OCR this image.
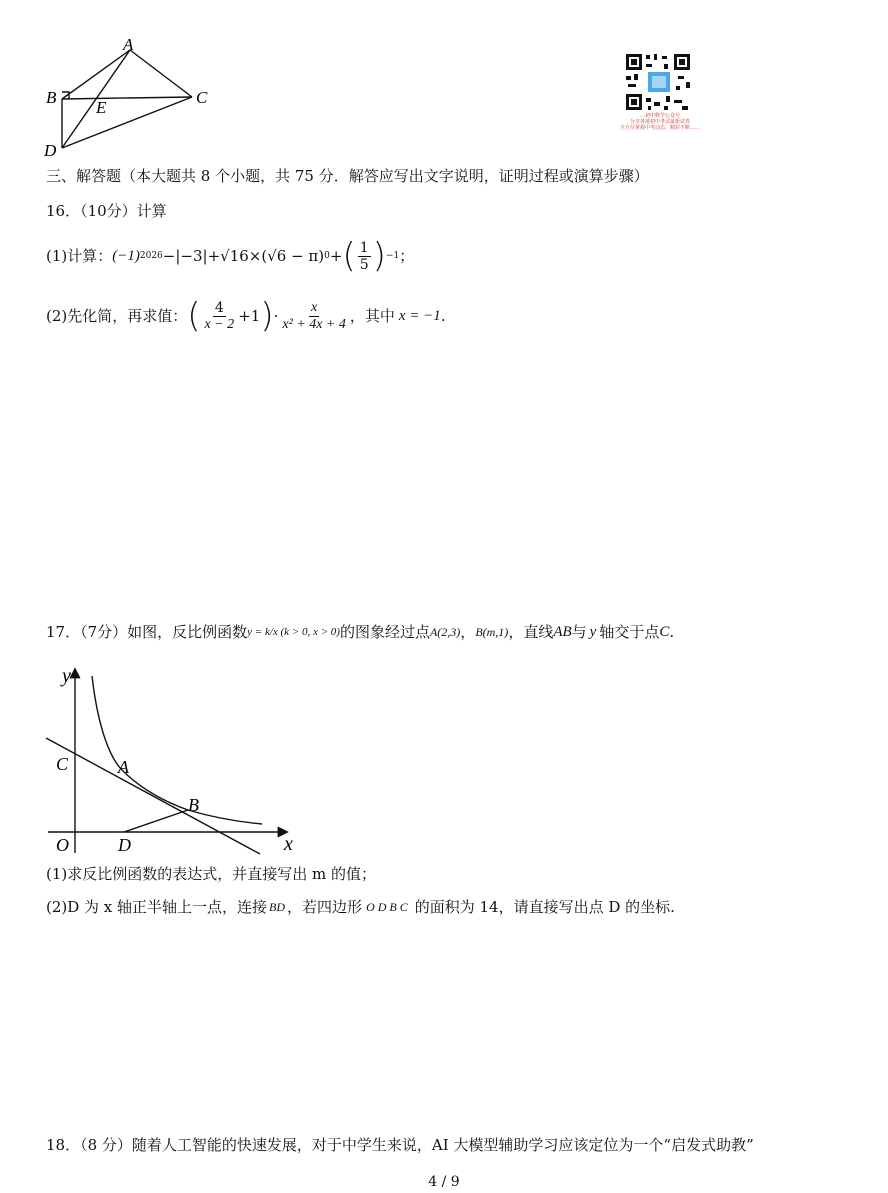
A
B	C
D
E	…初中数学公众号
分享各地初中考试最新试卷
全方位掌握中考动态，精彩不断……
三、解答题（本大题共 8 个小题，共 75 分．解答应写出文字说明，证明过程或演算步骤）
16．（10分）计算
(1)计算： (−1) 2026 −|−3|+ √16 ×(√6 − π) 0 + ( $\frac{1}{5}$ ) −1 ；
(2)先化简，再求值： ( $\frac{4}{x - 2} +1$ ) · $\frac{x}{\text{x² + 4x + 4}}$ ，其中 x = −1 .
17．（7分）如图，反比例函数 y = k/x (k > 0, x > 0) 的图象经过点 A(2,3) ， B(m,1) ，直线 AB 与 y 轴交于点 C .
y
x
O
C	A
B
D
(1)求反比例函数的表达式，并直接写出 m 的值；
(2)D 为 x 轴正半轴上一点，连接 BD ，若四边形 ODBC 的面积为 14，请直接写出点 D 的坐标.
18．（8 分）随着人工智能的快速发展，对于中学生来说，AI 大模型辅助学习应该定位为一个“启发式助教”
4 / 9
